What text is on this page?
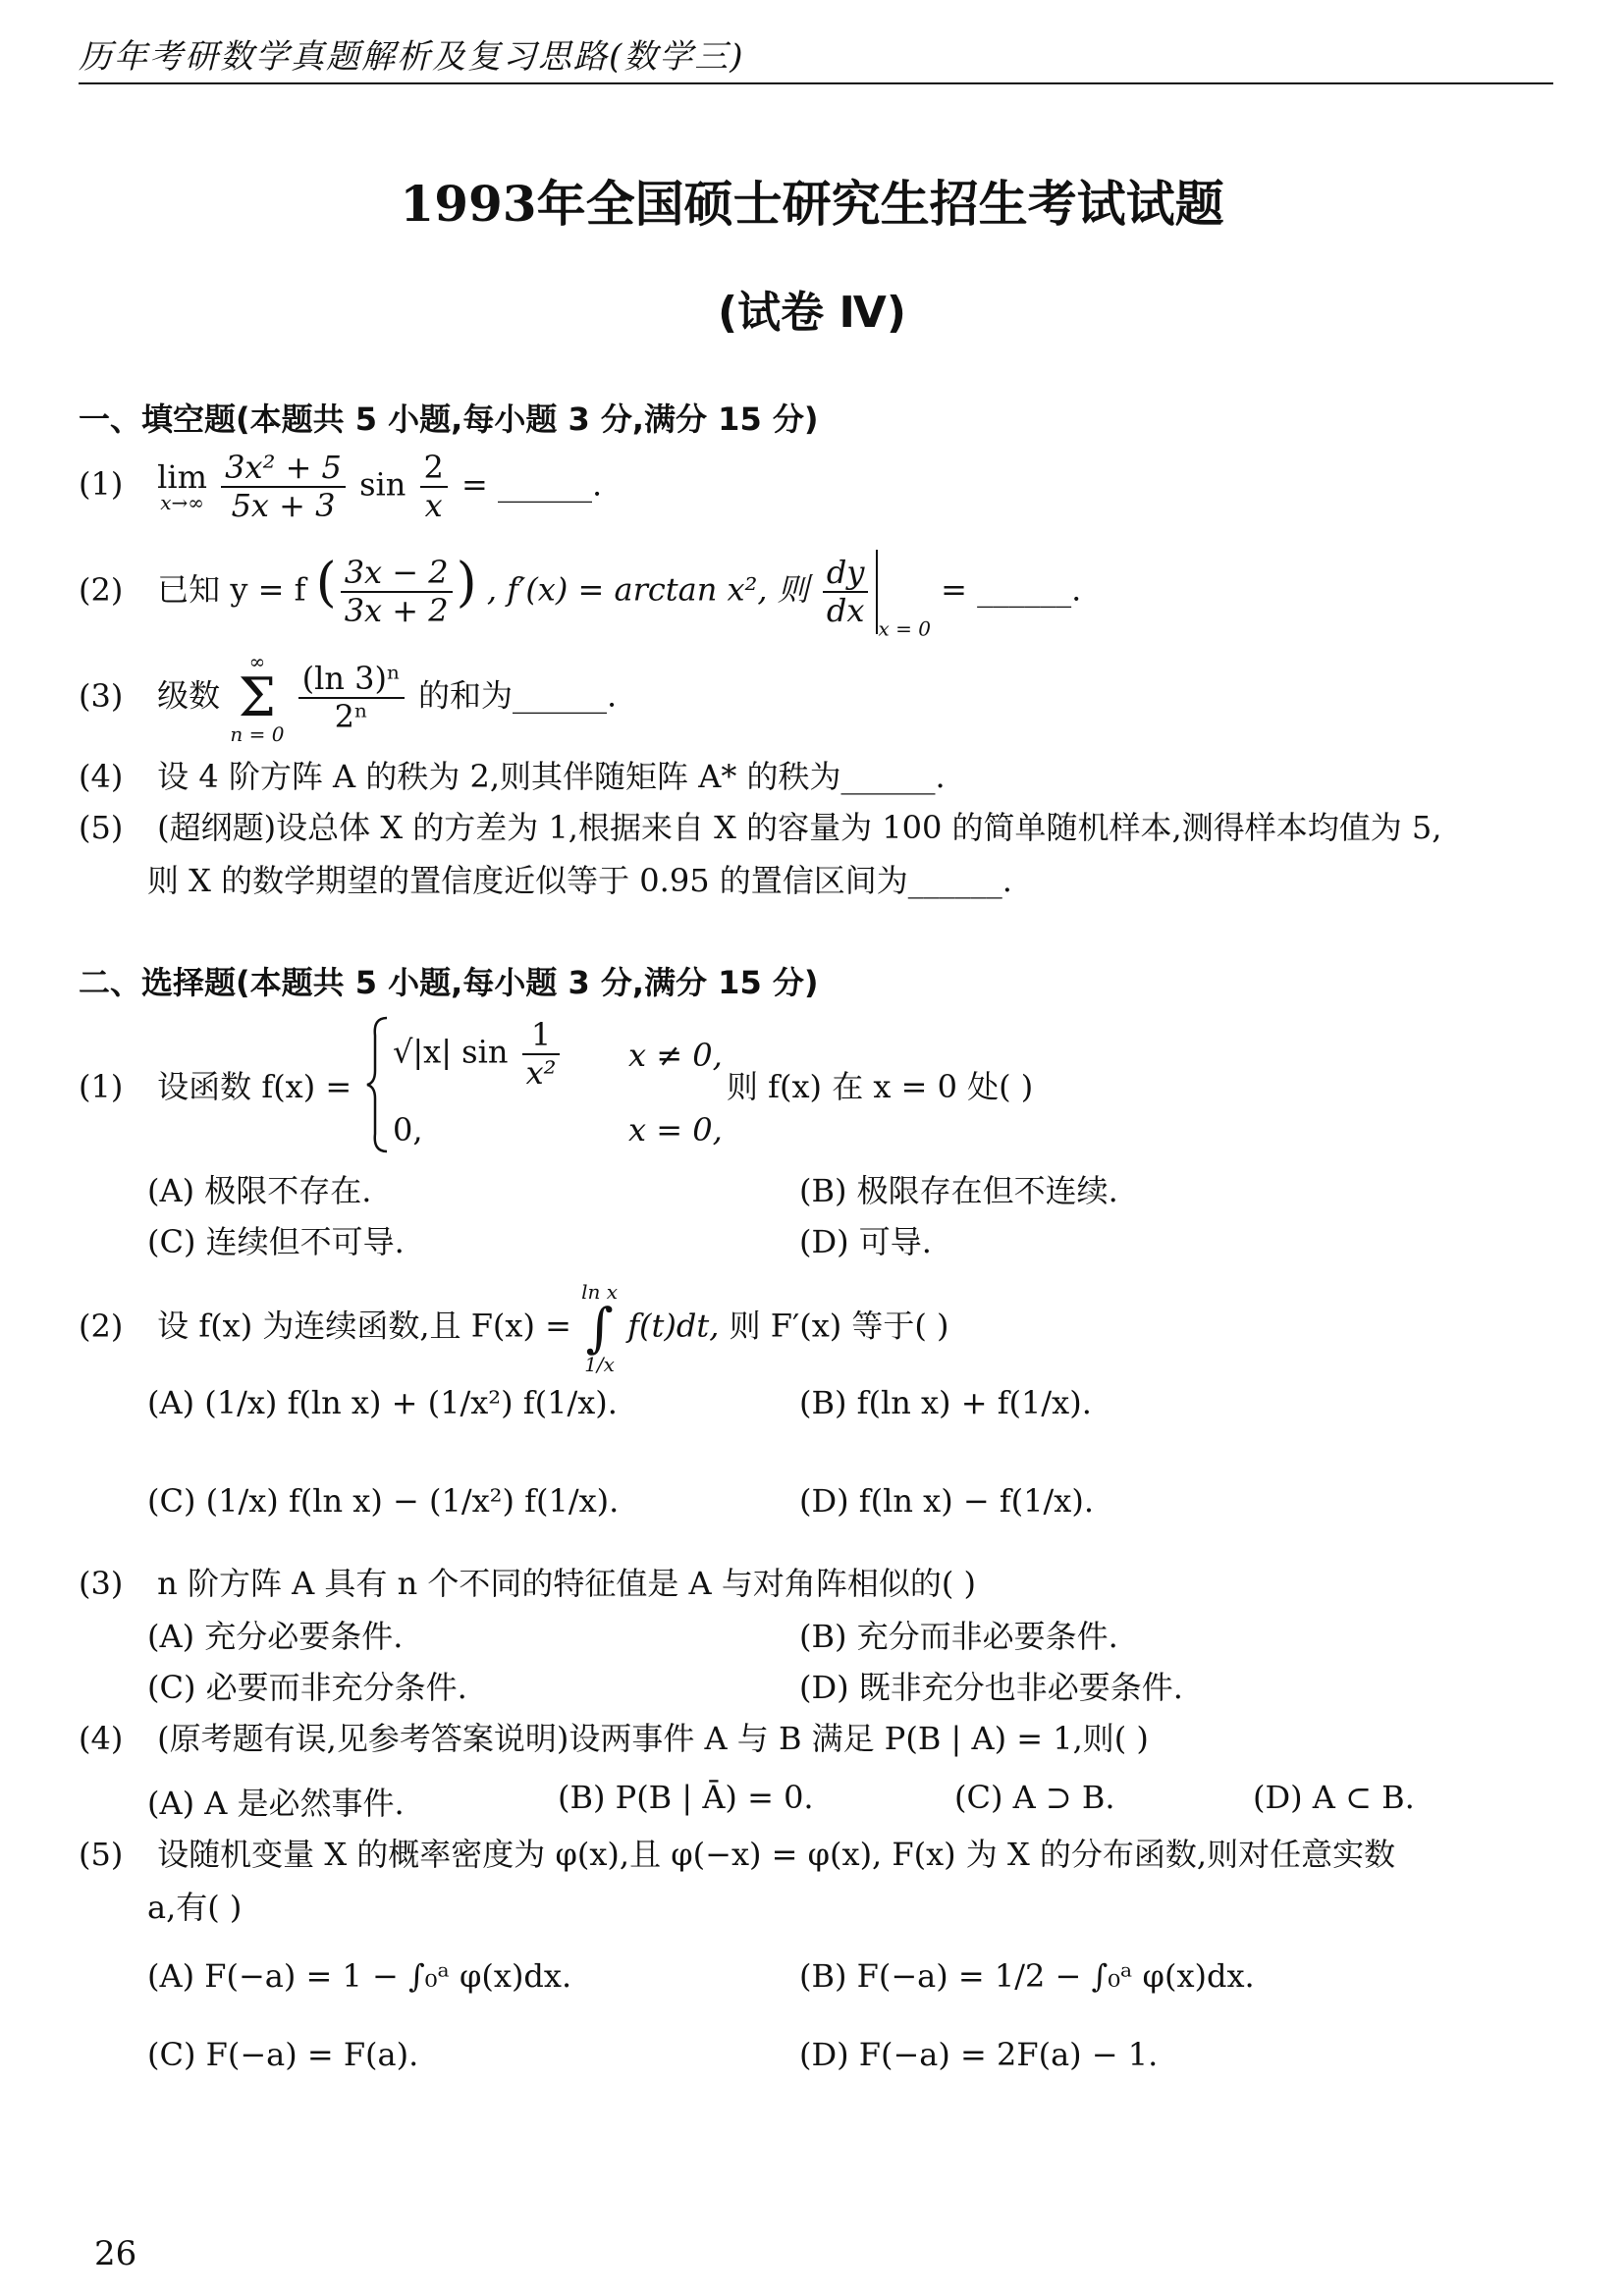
历年考研数学真题解析及复习思路(数学三)
1993年全国硕士研究生招生考试试题
(试卷 Ⅳ)
一、填空题(本题共 5 小题,每小题 3 分,满分 15 分)
(1) lim
x→∞
$\frac{\text{3x² + 5}}{5x + 3}$ $\sin \frac{2}{x}$ = ______.
(2) 已知 y = f ( $\frac{3x - 2}{3x + 2}$ ) , f′(x) = arctan x², 则 $\frac{dy}{dx} _{x = 0}$ = ______.
(3) 级数
∞
Σ
n = 0
$\frac{\text{(ln 3)ⁿ}}{\text{2ⁿ}}$ 的和为______.
(4) 设 4 阶方阵 A 的秩为 2,则其伴随矩阵 A* 的秩为______.
(5) (超纲题)设总体 X 的方差为 1,根据来自 X 的容量为 100 的简单随机样本,测得样本均值为 5,
则 X 的数学期望的置信度近似等于 0.95 的置信区间为______.
二、选择题(本题共 5 小题,每小题 3 分,满分 15 分)
(1) 设函数 f(x) =
√|x| $\sin \frac{1}{\text{x²}}$ x ≠ 0,
则 f(x) 在 x = 0 处( )
0,	x = 0,
(A) 极限不存在.	(B) 极限存在但不连续.
(C) 连续但不可导.	(D) 可导.
(2) 设 f(x) 为连续函数,且 F(x) =
ln x
∫
1/x
f(t)dt, 则 F′(x) 等于( )
(A) (1/x) f(ln x) + (1/x²) f(1/x).	(B) f(ln x) + f(1/x).
(C) (1/x) f(ln x) − (1/x²) f(1/x).	(D) f(ln x) − f(1/x).
(3) n 阶方阵 A 具有 n 个不同的特征值是 A 与对角阵相似的( )
(A) 充分必要条件.	(B) 充分而非必要条件.
(C) 必要而非充分条件.	(D) 既非充分也非必要条件.
(4) (原考题有误,见参考答案说明)设两事件 A 与 B 满足 P(B | A) = 1,则( )
(A) A 是必然事件.	(B) P(B | Ā) = 0.	(C) A ⊃ B.	(D) A ⊂ B.
(5) 设随机变量 X 的概率密度为 φ(x),且 φ(−x) = φ(x), F(x) 为 X 的分布函数,则对任意实数
a,有( )
(A) F(−a) = 1 − ∫₀ᵃ φ(x)dx.	(B) F(−a) = 1/2 − ∫₀ᵃ φ(x)dx.
(C) F(−a) = F(a).	(D) F(−a) = 2F(a) − 1.
26
